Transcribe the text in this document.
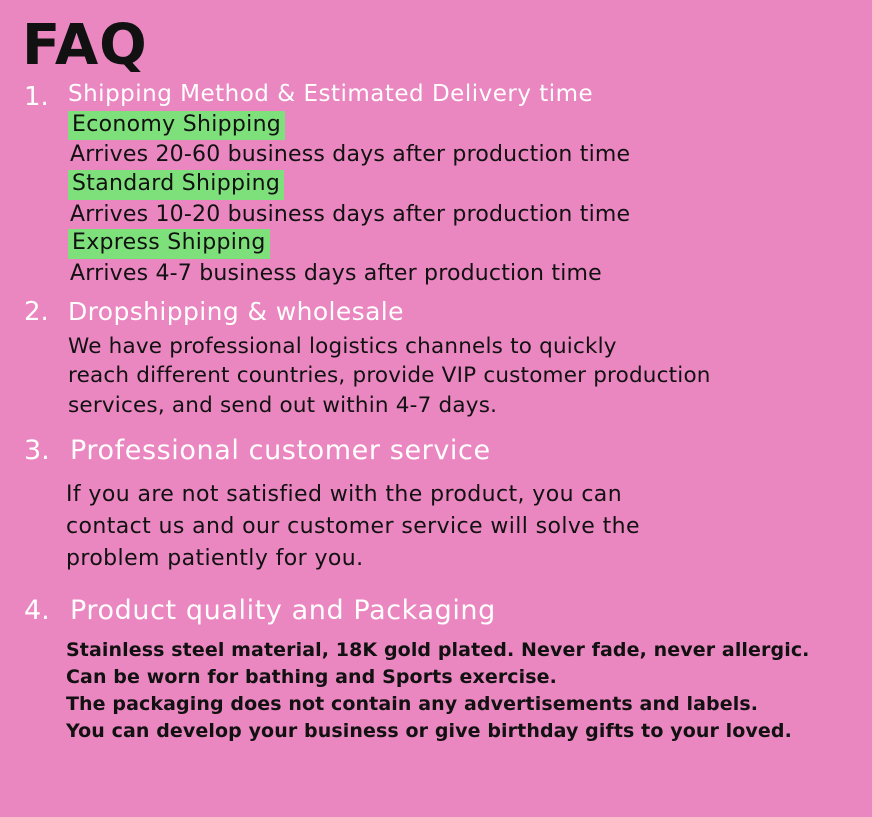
FAQ
1. Shipping Method & Estimated Delivery time
Economy Shipping
Arrives 20-60 business days after production time
Standard Shipping
Arrives 10-20 business days after production time
Express Shipping
Arrives 4-7 business days after production time
2. Dropshipping & wholesale
We have professional logistics channels to quickly
reach different countries, provide VIP customer production
services, and send out within 4-7 days.
3. Professional customer service
If you are not satisfied with the product, you can
contact us and our customer service will solve the
problem patiently for you.
4. Product quality and Packaging
Stainless steel material, 18K gold plated. Never fade, never allergic.
Can be worn for bathing and Sports exercise.
The packaging does not contain any advertisements and labels.
You can develop your business or give birthday gifts to your loved.
